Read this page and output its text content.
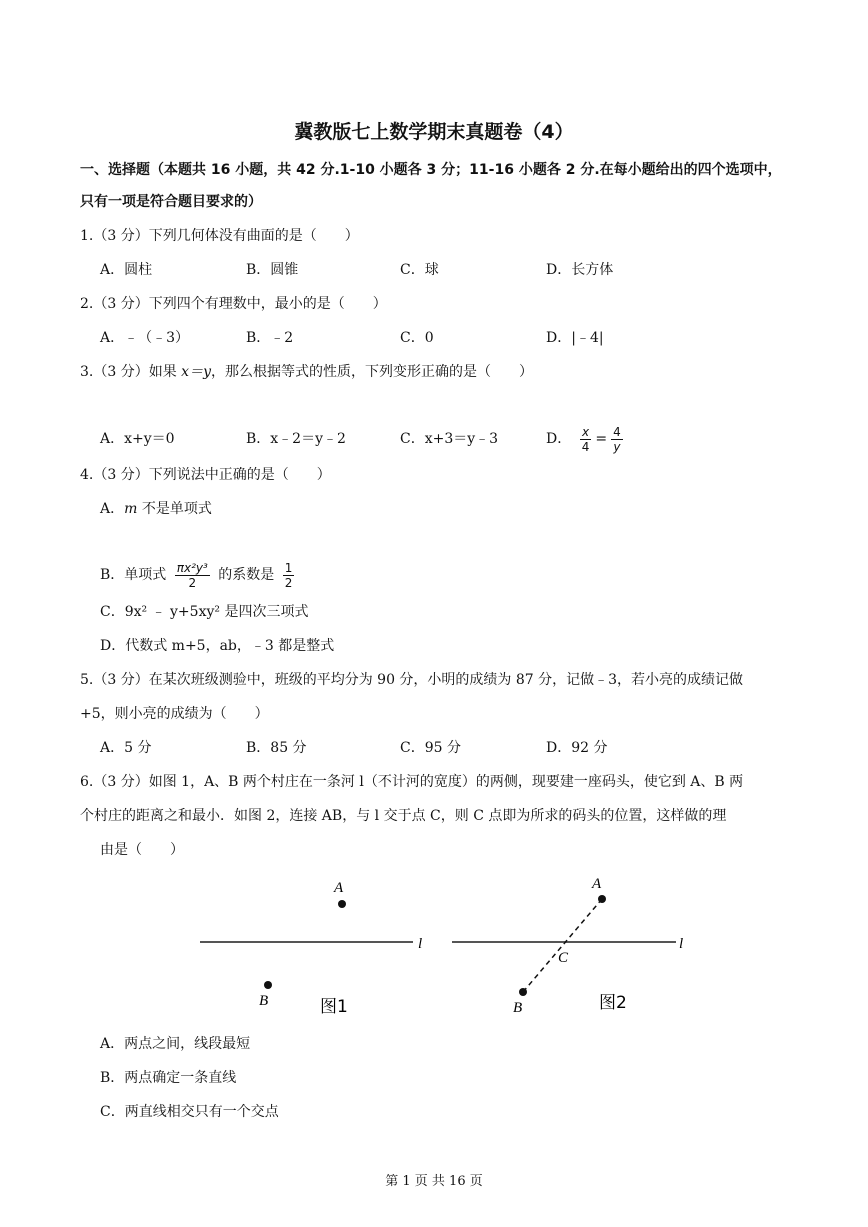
冀教版七上数学期末真题卷（4）
一、选择题（本题共 16 小题，共 42 分.1-10 小题各 3 分；11-16 小题各 2 分.在每小题给出的四个选项中，
只有一项是符合题目要求的）
1.（3 分）下列几何体没有曲面的是（　　）
A．圆柱	B．圆锥	C．球	D．长方体
2.（3 分）下列四个有理数中，最小的是（　　）
A．﹣（﹣3）	B．﹣2	C．0	D．|﹣4|
3.（3 分）如果 x＝y，那么根据等式的性质，下列变形正确的是（　　）
A．x+y＝0	B．x﹣2＝y﹣2	C．x+3＝y﹣3	D． $\frac{x}{4} = \frac{4}{y}$
4.（3 分）下列说法中正确的是（　　）
A．m 不是单项式
B．单项式 $\frac{\text{πx²y³}}{2}$ 的系数是 $\frac{1}{2}$
C．9x² ﹣ y+5xy² 是四次三项式
D．代数式 m+5，ab，﹣3 都是整式
5.（3 分）在某次班级测验中，班级的平均分为 90 分，小明的成绩为 87 分，记做﹣3，若小亮的成绩记做
+5，则小亮的成绩为（　　）
A．5 分	B．85 分	C．95 分	D．92 分
6.（3 分）如图 1，A、B 两个村庄在一条河 l（不计河的宽度）的两侧，现要建一座码头，使它到 A、B 两
个村庄的距离之和最小．如图 2，连接 AB，与 l 交于点 C，则 C 点即为所求的码头的位置，这样做的理
由是（　　）
A
B
l
图1
A
B
C
l
图2
A．两点之间，线段最短
B．两点确定一条直线
C．两直线相交只有一个交点
第 1 页 共 16 页
